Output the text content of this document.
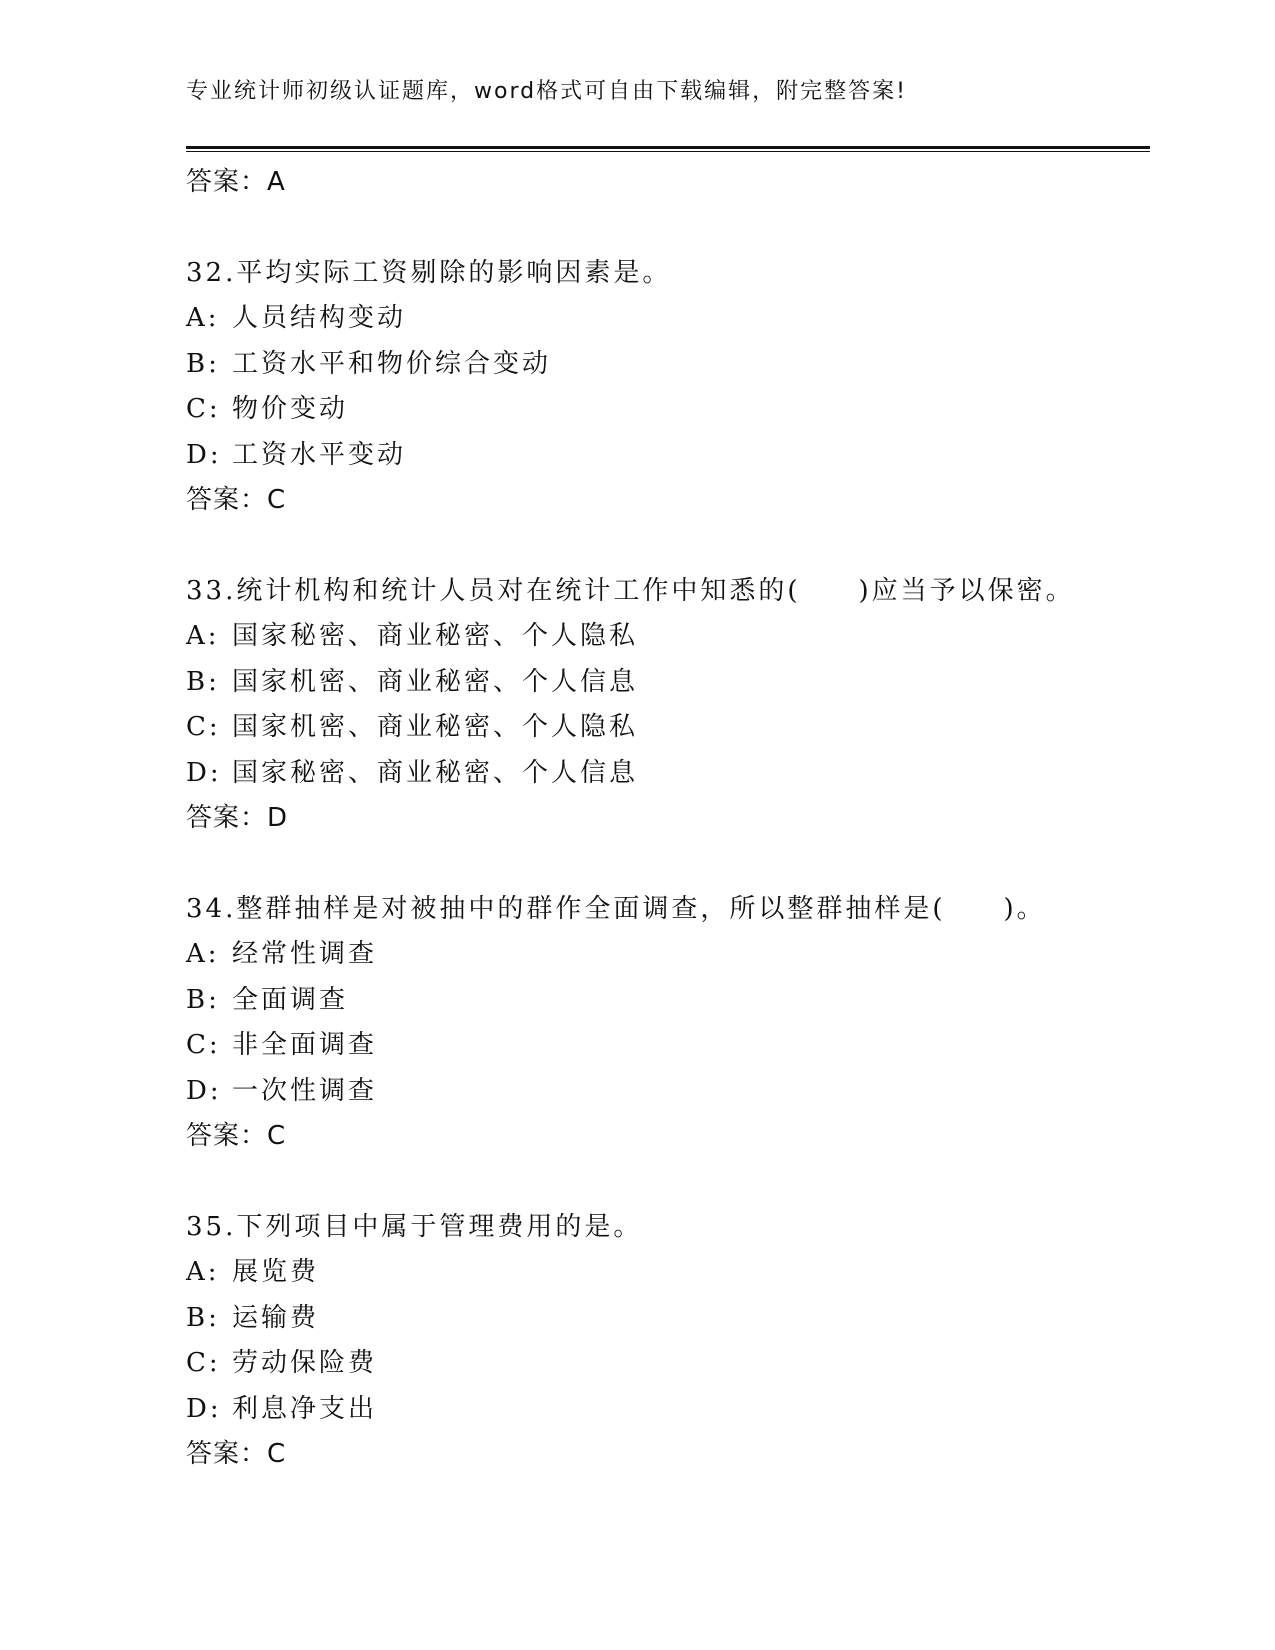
专业统计师初级认证题库，word格式可自由下载编辑，附完整答案!
答案：A
32.平均实际工资剔除的影响因素是。
A: 人员结构变动
B: 工资水平和物价综合变动
C: 物价变动
D: 工资水平变动
答案：C
33.统计机构和统计人员对在统计工作中知悉的(　　)应当予以保密。
A: 国家秘密、商业秘密、个人隐私
B: 国家机密、商业秘密、个人信息
C: 国家机密、商业秘密、个人隐私
D: 国家秘密、商业秘密、个人信息
答案：D
34.整群抽样是对被抽中的群作全面调查，所以整群抽样是(　　)。
A: 经常性调查
B: 全面调查
C: 非全面调查
D: 一次性调查
答案：C
35.下列项目中属于管理费用的是。
A: 展览费
B: 运输费
C: 劳动保险费
D: 利息净支出
答案：C
